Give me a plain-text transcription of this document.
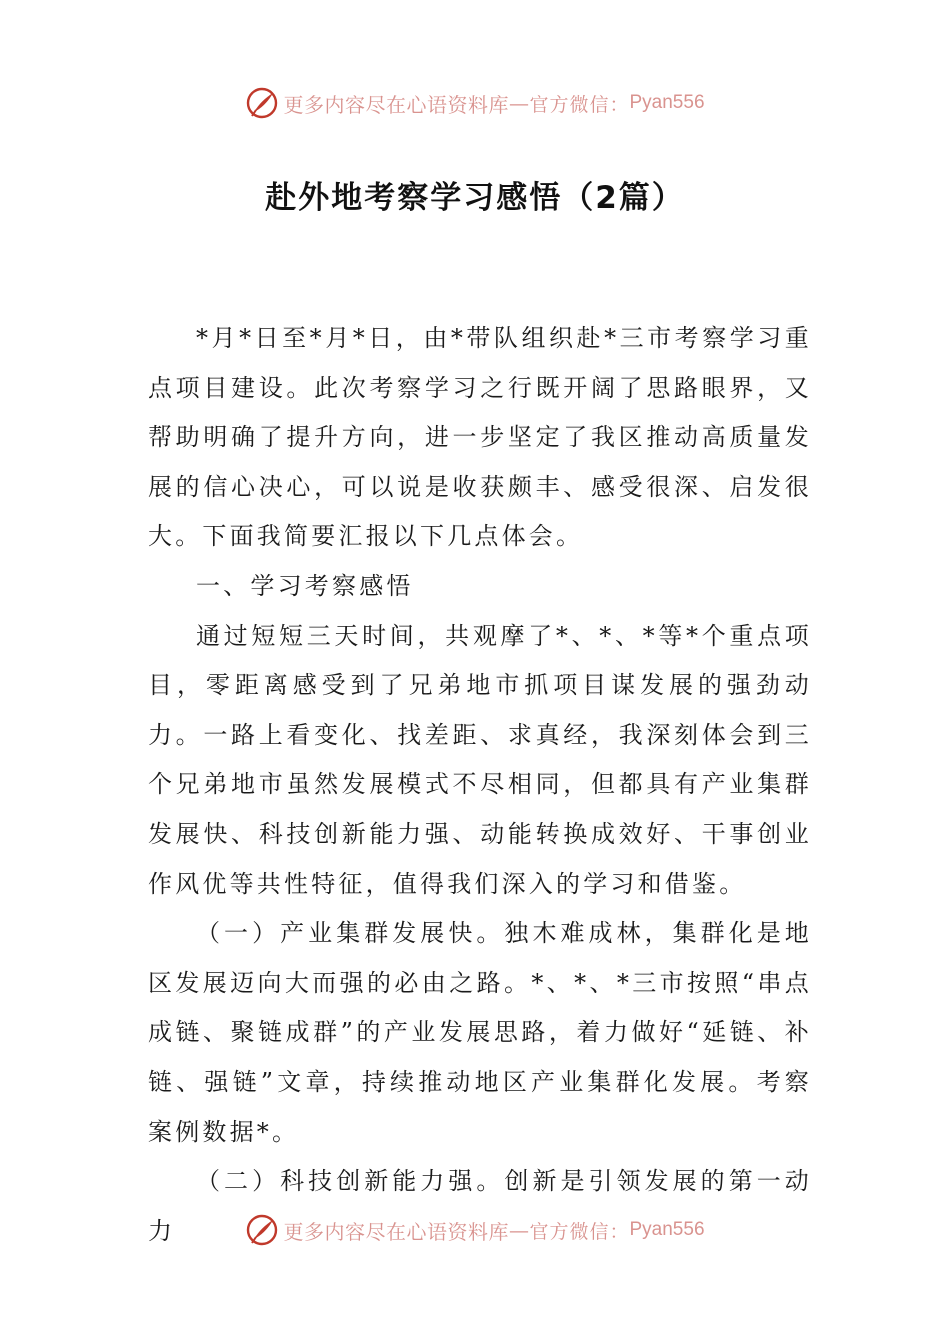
更多内容尽在心语资料库 — 官方微信： Pyan556
赴外地考察学习感悟（2篇）

*月*日至*月*日，由*带队组织赴*三市考察学习重点项目建设。此次考察学习之行既开阔了思路眼界，又帮助明确了提升方向，进一步坚定了我区推动高质量发展的信心决心，可以说是收获颇丰、感受很深、启发很大。下面我简要汇报以下几点体会。

一、学习考察感悟

通过短短三天时间，共观摩了*、*、*等*个重点项目，零距离感受到了兄弟地市抓项目谋发展的强劲动力。一路上看变化、找差距、求真经，我深刻体会到三个兄弟地市虽然发展模式不尽相同，但都具有产业集群发展快、科技创新能力强、动能转换成效好、干事创业作风优等共性特征，值得我们深入的学习和借鉴。

（一）产业集群发展快。独木难成林，集群化是地区发展迈向大而强的必由之路。*、*、*三市按照“串点成链、聚链成群”的产业发展思路，着力做好“延链、补链、强链”文章，持续推动地区产业集群化发展。考察案例数据*。

（二）科技创新能力强。创新是引领发展的第一动力	更多内容尽在心语资料库 — 官方微信： Pyan556
